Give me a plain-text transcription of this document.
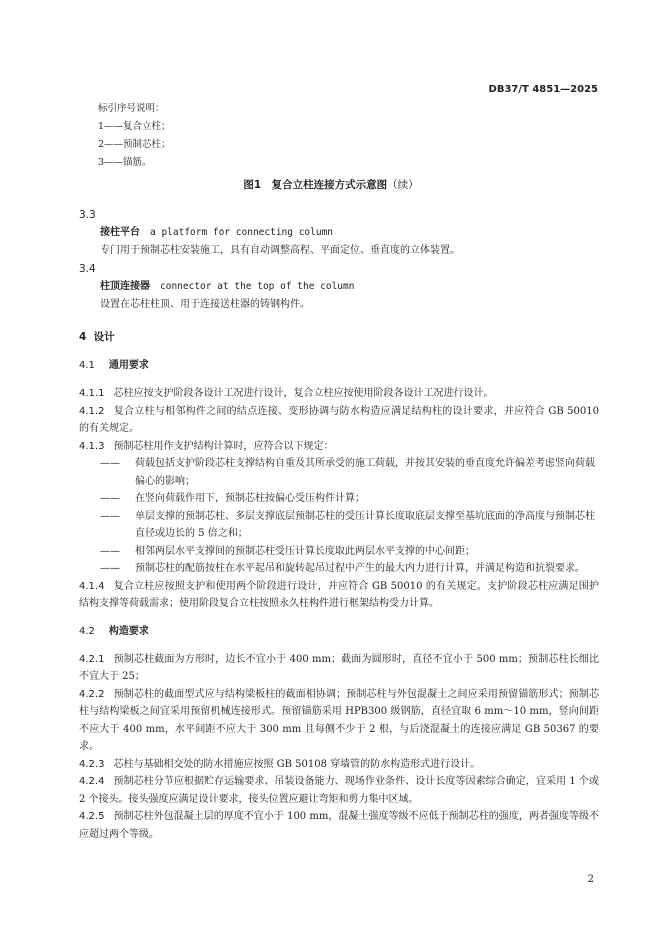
DB37/T 4851—2025
标引序号说明：
1——复合立柱；
2——预制芯柱；
3——锚筋。
图1　复合立柱连接方式示意图（续）
3.3
接柱平台 a platform for connecting column
专门用于预制芯柱安装施工，具有自动调整高程、平面定位、垂直度的立体装置。
3.4
柱顶连接器 connector at the top of the column
设置在芯柱柱顶、用于连接送柱器的铸钢构件。
4 设计
4.1 通用要求
4.1.1 芯柱应按支护阶段各设计工况进行设计，复合立柱应按使用阶段各设计工况进行设计。
4.1.2 复合立柱与相邻构件之间的结点连接、变形协调与防水构造应满足结构柱的设计要求，并应符合 GB 50010 的有关规定。
4.1.3 预制芯柱用作支护结构计算时，应符合以下规定：
—— 荷载包括支护阶段芯柱支撑结构自重及其所承受的施工荷载，并按其安装的垂直度允许偏差考虑竖向荷载偏心的影响；
—— 在竖向荷载作用下，预制芯柱按偏心受压构件计算；
—— 单层支撑的预制芯柱、多层支撑底层预制芯柱的受压计算长度取底层支撑至基坑底面的净高度与预制芯柱直径或边长的 5 倍之和；
—— 相邻两层水平支撑间的预制芯柱受压计算长度取此两层水平支撑的中心间距；
—— 预制芯柱的配筋按柱在水平起吊和旋转起吊过程中产生的最大内力进行计算，并满足构造和抗裂要求。
4.1.4 复合立柱应按照支护和使用两个阶段进行设计，并应符合 GB 50010 的有关规定。支护阶段芯柱应满足围护结构支撑等荷载需求；使用阶段复合立柱按照永久柱构件进行框架结构受力计算。
4.2 构造要求
4.2.1 预制芯柱截面为方形时，边长不宜小于 400 mm；截面为圆形时，直径不宜小于 500 mm；预制芯柱长细比不宜大于 25；
4.2.2 预制芯柱的截面型式应与结构梁板柱的截面相协调；预制芯柱与外包混凝土之间应采用预留锚筋形式；预制芯柱与结构梁板之间宜采用预留机械连接形式。预留锚筋采用 HPB300 级钢筋，直径宜取 6 mm～10 mm，竖向间距不应大于 400 mm，水平间距不应大于 300 mm 且每侧不少于 2 根，与后浇混凝土的连接应满足 GB 50367 的要求。
4.2.3 芯柱与基础相交处的防水措施应按照 GB 50108 穿墙管的防水构造形式进行设计。
4.2.4 预制芯柱分节应根据贮存运输要求、吊装设备能力、现场作业条件、设计长度等因素综合确定，宜采用 1 个或 2 个接头。接头强度应满足设计要求，接头位置应避让弯矩和剪力集中区域。
4.2.5 预制芯柱外包混凝土层的厚度不宜小于 100 mm，混凝土强度等级不应低于预制芯柱的强度，两者强度等级不应超过两个等级。
2
